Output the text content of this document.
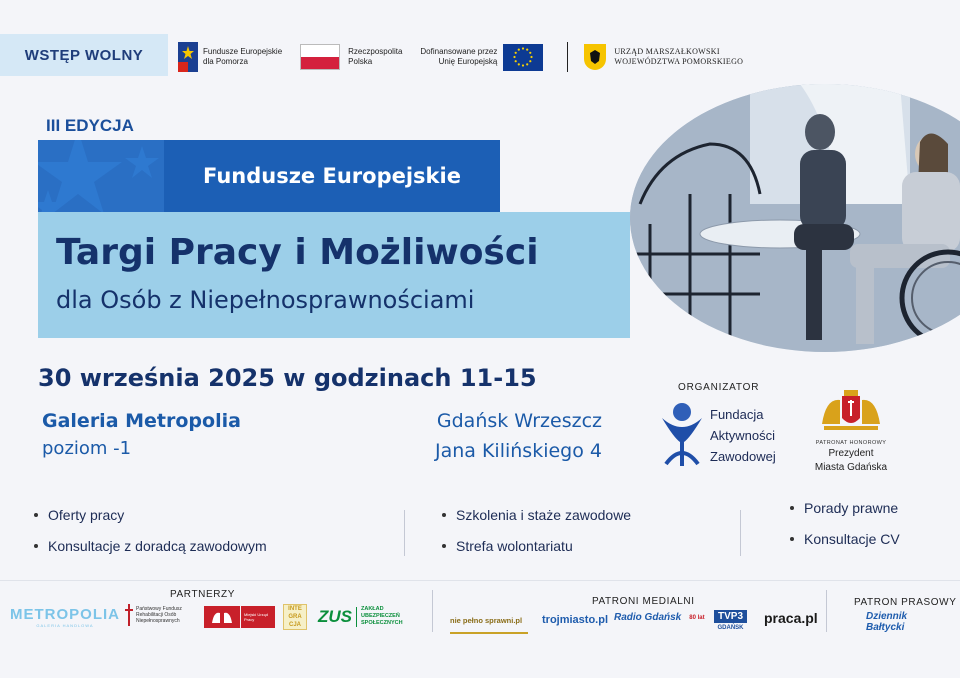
WSTĘP WOLNY	Fundusze Europejskie
dla Pomorza
Rzeczpospolita
Polska
Dofinansowane przez
Unię Europejską
URZĄD MARSZAŁKOWSKI
WOJEWÓDZTWA POMORSKIEGO
III EDYCJA
Fundusze Europejskie
Targi Pracy i Możliwości
dla Osób z Niepełnosprawnościami
30 września 2025 w godzinach 11-15
Galeria Metropolia
poziom -1
Gdańsk Wrzeszcz
Jana Kilińskiego 4
ORGANIZATOR
Fundacja
Aktywności
Zawodowej
PATRONAT HONOROWY
Prezydent
Miasta Gdańska
Oferty pracy
Konsultacje z doradcą zawodowym
Szkolenia i staże zawodowe
Strefa wolontariatu
Porady prawne
Konsultacje CV
PARTNERZY
PATRONI MEDIALNI	PATRON PRASOWY
METROPOLIA
GALERIA HANDLOWA
Państwowy Fundusz
Rehabilitacji Osób
Niepełnosprawnych
Miejski Urząd Pracy
INTE GRA CJA	ZUS ZAKŁAD
UBEZPIECZEŃ
SPOŁECZNYCH	nie pełno sprawni.pl	trojmiasto.pl Radio Gdańsk 80 lat	TVP3
GDAŃSK
praca.pl	Dziennik
Bałtycki
